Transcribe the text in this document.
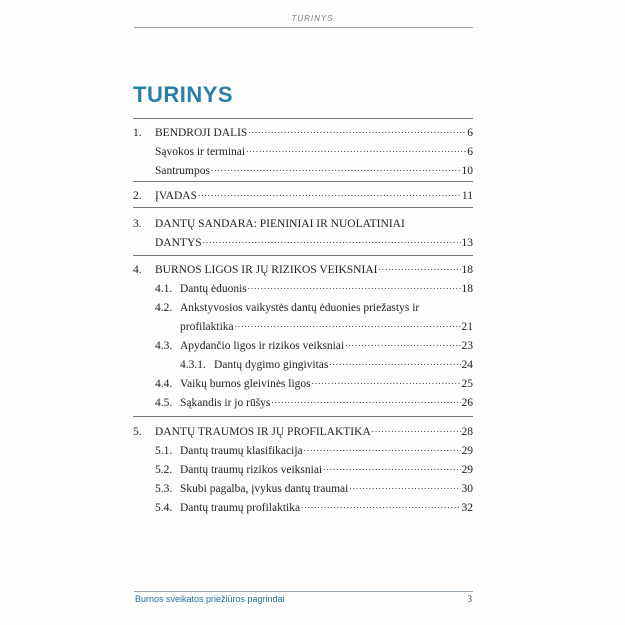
TURINYS
TURINYS
1.	BENDROJI DALIS .....	6
Sąvokos ir terminai .....	6
Santrumpos .....	10
2.	ĮVADAS .....	11
3. DANTŲ SANDARA: PIENINIAI IR NUOLATINIAI
DANTYS .....	13
4.	BURNOS LIGOS IR JŲ RIZIKOS VEIKSNIAI .....	18
4.1. Dantų ėduonis .....	18
4.2. Ankstyvosios vaikystės dantų ėduonies priežastys ir
profilaktika .....	21
4.3. Apydančio ligos ir rizikos veiksniai .....	23
4.3.1. Dantų dygimo gingivitas .....	24
4.4. Vaikų burnos gleivinės ligos .....	25
4.5. Sąkandis ir jo rūšys .....	26
5.	DANTŲ TRAUMOS IR JŲ PROFILAKTIKA .....	28
5.1. Dantų traumų klasifikacija .....	29
5.2. Dantų traumų rizikos veiksniai .....	29
5.3. Skubi pagalba, įvykus dantų traumai .....	30
5.4. Dantų traumų profilaktika .....	32
Burnos sveikatos priežiūros pagrindai	3
